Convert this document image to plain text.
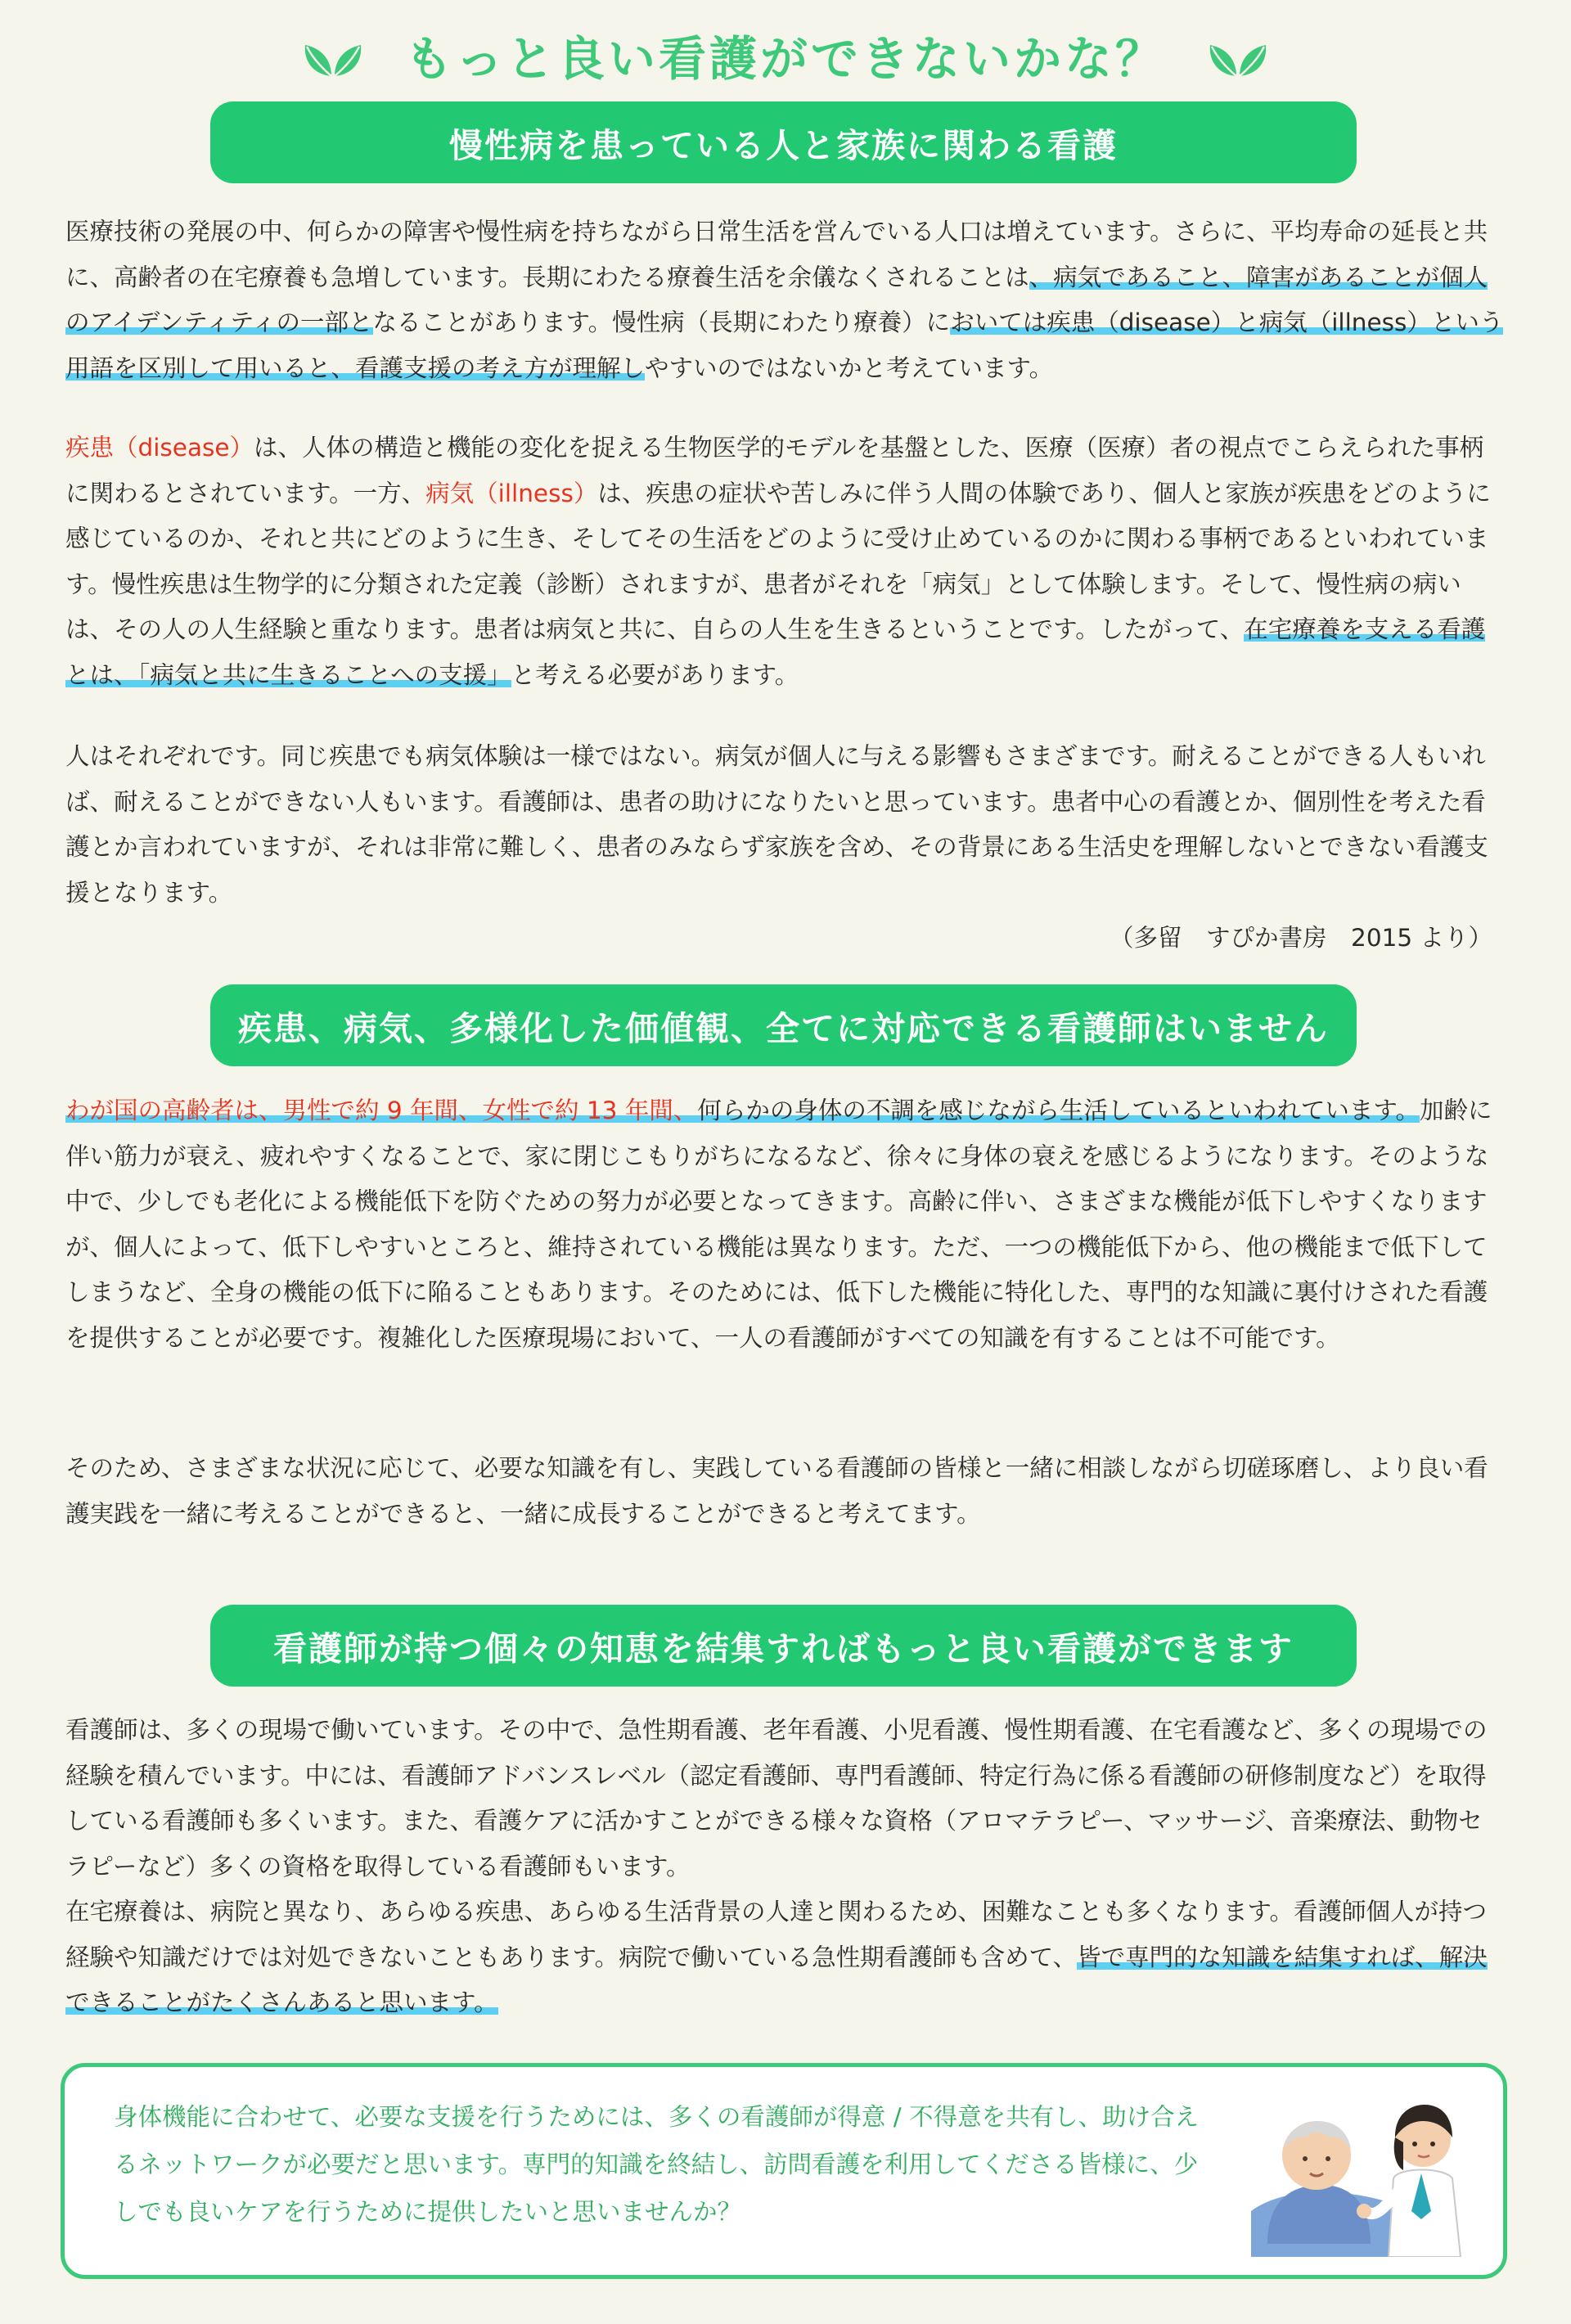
もっと良い看護ができないかな？
慢性病を患っている人と家族に関わる看護

医療技術の発展の中、何らかの障害や慢性病を持ちながら日常生活を営んでいる人口は増えています。さらに、平均寿命の延長と共に、高齢者の在宅療養も急増しています。長期にわたる療養生活を余儀なくされることは、病気であること、障害があることが個人のアイデンティティの一部となることがあります。慢性病（長期にわたり療養）においては疾患（disease）と病気（illness）という用語を区別して用いると、看護支援の考え方が理解しやすいのではないかと考えています。

疾患（disease）は、人体の構造と機能の変化を捉える生物医学的モデルを基盤とした、医療（医療）者の視点でこらえられた事柄に関わるとされています。一方、病気（illness）は、疾患の症状や苦しみに伴う人間の体験であり、個人と家族が疾患をどのように感じているのか、それと共にどのように生き、そしてその生活をどのように受け止めているのかに関わる事柄であるといわれています。慢性疾患は生物学的に分類された定義（診断）されますが、患者がそれを「病気」として体験します。そして、慢性病の病いは、その人の人生経験と重なります。患者は病気と共に、自らの人生を生きるということです。したがって、在宅療養を支える看護とは、「病気と共に生きることへの支援」と考える必要があります。

人はそれぞれです。同じ疾患でも病気体験は一様ではない。病気が個人に与える影響もさまざまです。耐えることができる人もいれば、耐えることができない人もいます。看護師は、患者の助けになりたいと思っています。患者中心の看護とか、個別性を考えた看護とか言われていますが、それは非常に難しく、患者のみならず家族を含め、その背景にある生活史を理解しないとできない看護支援となります。
（多留　すぴか書房　2015 より）

疾患、病気、多様化した価値観、全てに対応できる看護師はいません

わが国の高齢者は、男性で約 9 年間、女性で約 13 年間、何らかの身体の不調を感じながら生活しているといわれています。加齢に伴い筋力が衰え、疲れやすくなることで、家に閉じこもりがちになるなど、徐々に身体の衰えを感じるようになります。そのような中で、少しでも老化による機能低下を防ぐための努力が必要となってきます。高齢に伴い、さまざまな機能が低下しやすくなりますが、個人によって、低下しやすいところと、維持されている機能は異なります。ただ、一つの機能低下から、他の機能まで低下してしまうなど、全身の機能の低下に陥ることもあります。そのためには、低下した機能に特化した、専門的な知識に裏付けされた看護を提供することが必要です。複雑化した医療現場において、一人の看護師がすべての知識を有することは不可能です。

そのため、さまざまな状況に応じて、必要な知識を有し、実践している看護師の皆様と一緒に相談しながら切磋琢磨し、より良い看護実践を一緒に考えることができると、一緒に成長することができると考えてます。

看護師が持つ個々の知恵を結集すればもっと良い看護ができます

看護師は、多くの現場で働いています。その中で、急性期看護、老年看護、小児看護、慢性期看護、在宅看護など、多くの現場での経験を積んでいます。中には、看護師アドバンスレベル（認定看護師、専門看護師、特定行為に係る看護師の研修制度など）を取得している看護師も多くいます。また、看護ケアに活かすことができる様々な資格（アロマテラピー、マッサージ、音楽療法、動物セラピーなど）多くの資格を取得している看護師もいます。

在宅療養は、病院と異なり、あらゆる疾患、あらゆる生活背景の人達と関わるため、困難なことも多くなります。看護師個人が持つ経験や知識だけでは対処できないこともあります。病院で働いている急性期看護師も含めて、皆で専門的な知識を結集すれば、解決できることがたくさんあると思います。

身体機能に合わせて、必要な支援を行うためには、多くの看護師が得意 / 不得意を共有し、助け合えるネットワークが必要だと思います。専門的知識を終結し、訪問看護を利用してくださる皆様に、少しでも良いケアを行うために提供したいと思いませんか？
